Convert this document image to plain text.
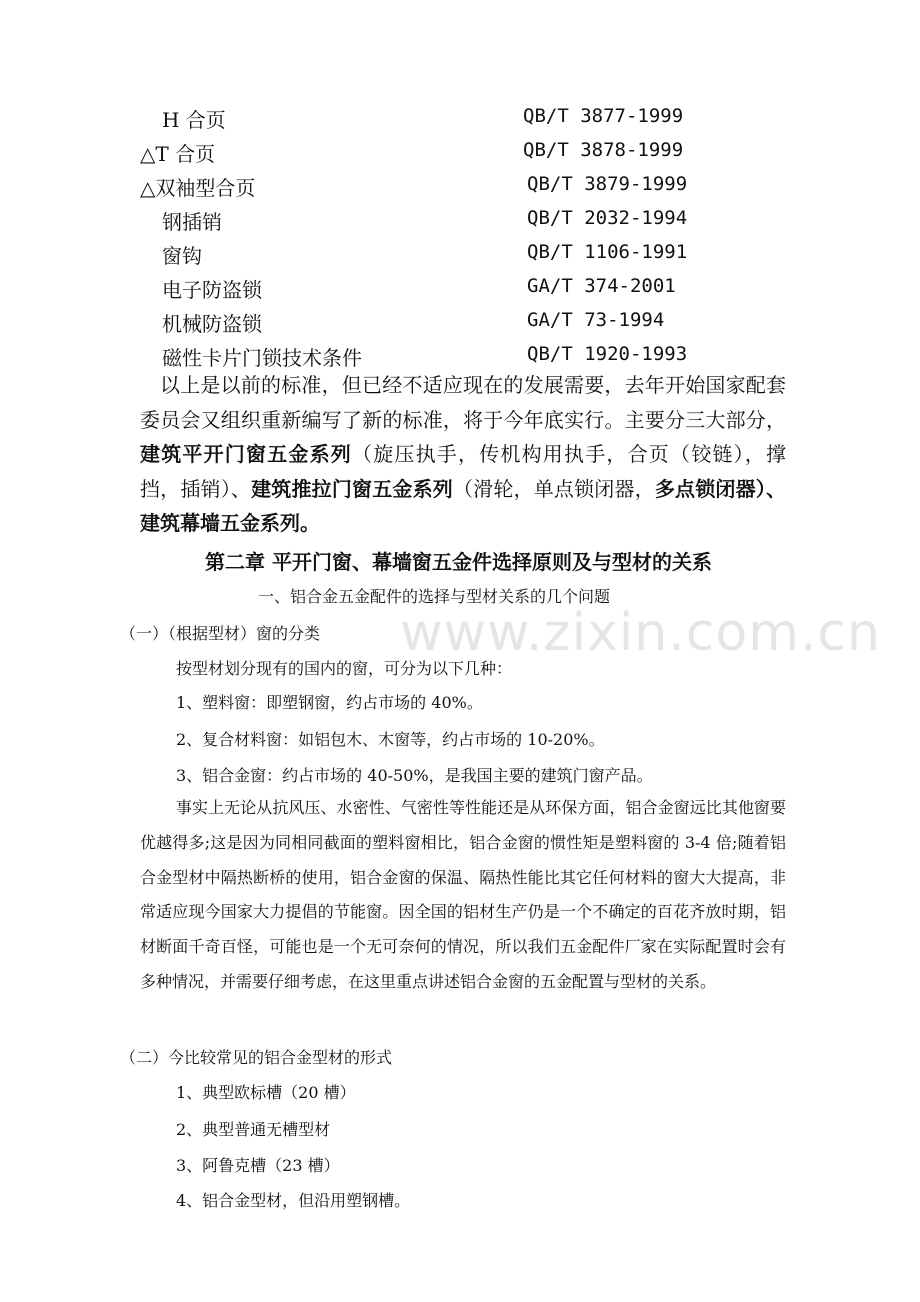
H 合页	QB/T 3877-1999
△T 合页	QB/T 3878-1999
△双袖型合页	QB/T 3879-1999
钢插销	QB/T 2032-1994
窗钩	QB/T 1106-1991
电子防盗锁	GA/T 374-2001
机械防盗锁	GA/T 73-1994
磁性卡片门锁技术条件	QB/T 1920-1993

以上是以前的标准，但已经不适应现在的发展需要，去年开始国家配套委员会又组织重新编写了新的标准，将于今年底实行。主要分三大部分，建筑平开门窗五金系列（旋压执手，传机构用执手，合页（铰链），撑挡，插销）、建筑推拉门窗五金系列（滑轮，单点锁闭器，多点锁闭器）、建筑幕墙五金系列。

第二章 平开门窗、幕墙窗五金件选择原则及与型材的关系
一、铝合金五金配件的选择与型材关系的几个问题
www.zixin.com.cn
（一）（根据型材）窗的分类
按型材划分现有的国内的窗，可分为以下几种：
1、塑料窗：即塑钢窗，约占市场的 40%。
2、复合材料窗：如铝包木、木窗等，约占市场的 10-20%。
3、铝合金窗：约占市场的 40-50%，是我国主要的建筑门窗产品。

事实上无论从抗风压、水密性、气密性等性能还是从环保方面，铝合金窗远比其他窗要优越得多;这是因为同相同截面的塑料窗相比，铝合金窗的惯性矩是塑料窗的 3-4 倍;随着铝合金型材中隔热断桥的使用，铝合金窗的保温、隔热性能比其它任何材料的窗大大提高，非常适应现今国家大力提倡的节能窗。因全国的铝材生产仍是一个不确定的百花齐放时期，铝材断面千奇百怪，可能也是一个无可奈何的情况，所以我们五金配件厂家在实际配置时会有多种情况，并需要仔细考虑，在这里重点讲述铝合金窗的五金配置与型材的关系。

（二）今比较常见的铝合金型材的形式
1、典型欧标槽（20 槽）
2、典型普通无槽型材
3、阿鲁克槽（23 槽）
4、铝合金型材，但沿用塑钢槽。
